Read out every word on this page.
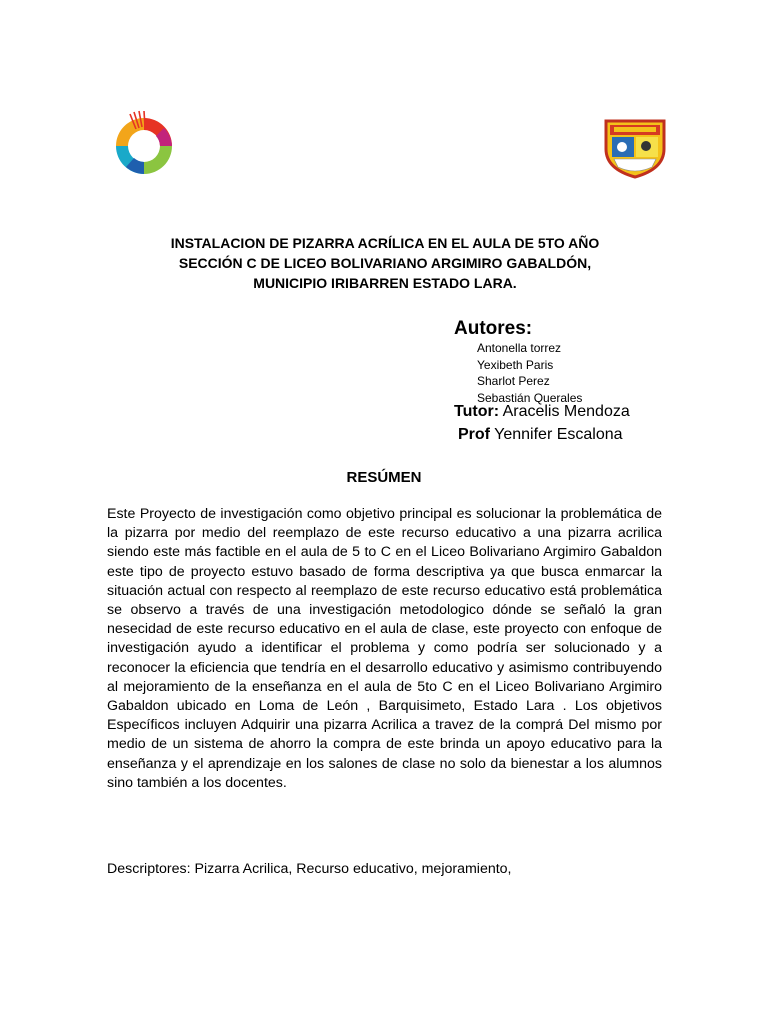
INSTALACION DE PIZARRA ACRÍLICA EN EL AULA DE 5TO AÑO
SECCIÓN C DE LICEO BOLIVARIANO ARGIMIRO GABALDÓN,
MUNICIPIO IRIBARREN ESTADO LARA.
Autores:
Antonella torrez
Yexibeth Paris
Sharlot Perez
Sebastián Querales
Tutor: Aracelis Mendoza
Prof Yennifer Escalona
RESÚMEN
Este Proyecto de investigación como objetivo principal es solucionar la problemática de la pizarra por medio del reemplazo de este recurso educativo a una pizarra acrilica siendo este más factible en el aula de 5 to C en el Liceo Bolivariano Argimiro Gabaldon este tipo de proyecto estuvo basado de forma descriptiva ya que busca enmarcar la situación actual con respecto al reemplazo de este recurso educativo está problemática se observo a través de una investigación metodologico dónde se señaló la gran nesecidad de este recurso educativo en el aula de clase, este proyecto con enfoque de investigación ayudo a identificar el problema y como podría ser solucionado y a reconocer la eficiencia que tendría en el desarrollo educativo y asimismo contribuyendo al mejoramiento de la enseñanza en el aula de 5to C en el Liceo Bolivariano Argimiro Gabaldon ubicado en Loma de León , Barquisimeto, Estado Lara . Los objetivos Específicos incluyen Adquirir una pizarra Acrilica a travez de la comprá Del mismo por medio de un sistema de ahorro la compra de este brinda un apoyo educativo para la enseñanza y el aprendizaje en los salones de clase no solo da bienestar a los alumnos sino también a los docentes.
Descriptores: Pizarra Acrilica, Recurso educativo, mejoramiento,
